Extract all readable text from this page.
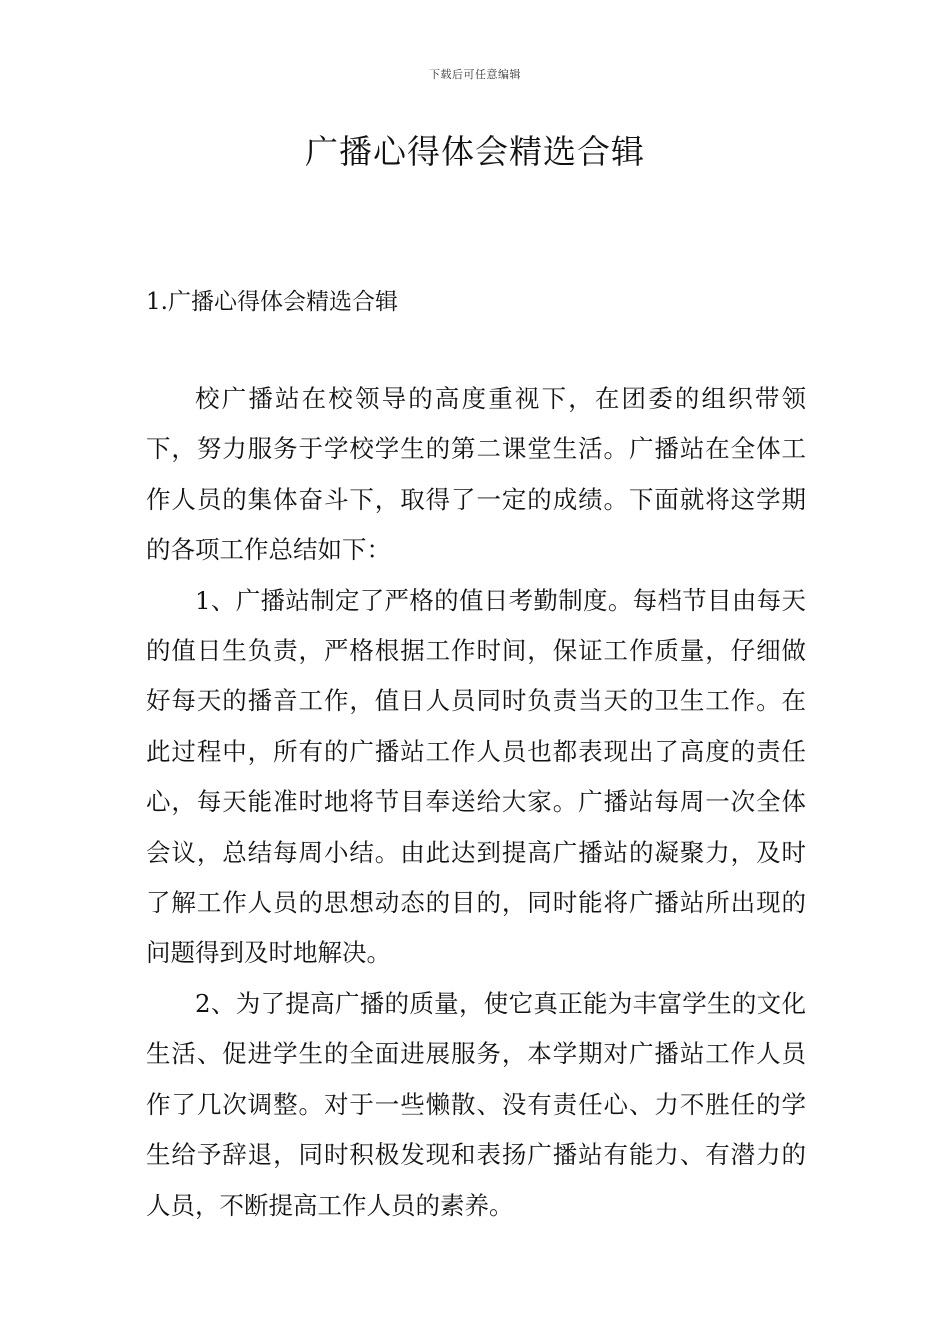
下载后可任意编辑
广播心得体会精选合辑
1.广播心得体会精选合辑

校广播站在校领导的高度重视下，在团委的组织带领下，努力服务于学校学生的第二课堂生活。广播站在全体工作人员的集体奋斗下，取得了一定的成绩。下面就将这学期的各项工作总结如下：

1、广播站制定了严格的值日考勤制度。每档节目由每天的值日生负责，严格根据工作时间，保证工作质量，仔细做好每天的播音工作，值日人员同时负责当天的卫生工作。在此过程中，所有的广播站工作人员也都表现出了高度的责任心，每天能准时地将节目奉送给大家。广播站每周一次全体会议，总结每周小结。由此达到提高广播站的凝聚力，及时了解工作人员的思想动态的目的，同时能将广播站所出现的问题得到及时地解决。

2、为了提高广播的质量，使它真正能为丰富学生的文化生活、促进学生的全面进展服务，本学期对广播站工作人员作了几次调整。对于一些懒散、没有责任心、力不胜任的学生给予辞退，同时积极发现和表扬广播站有能力、有潜力的人员，不断提高工作人员的素养。
